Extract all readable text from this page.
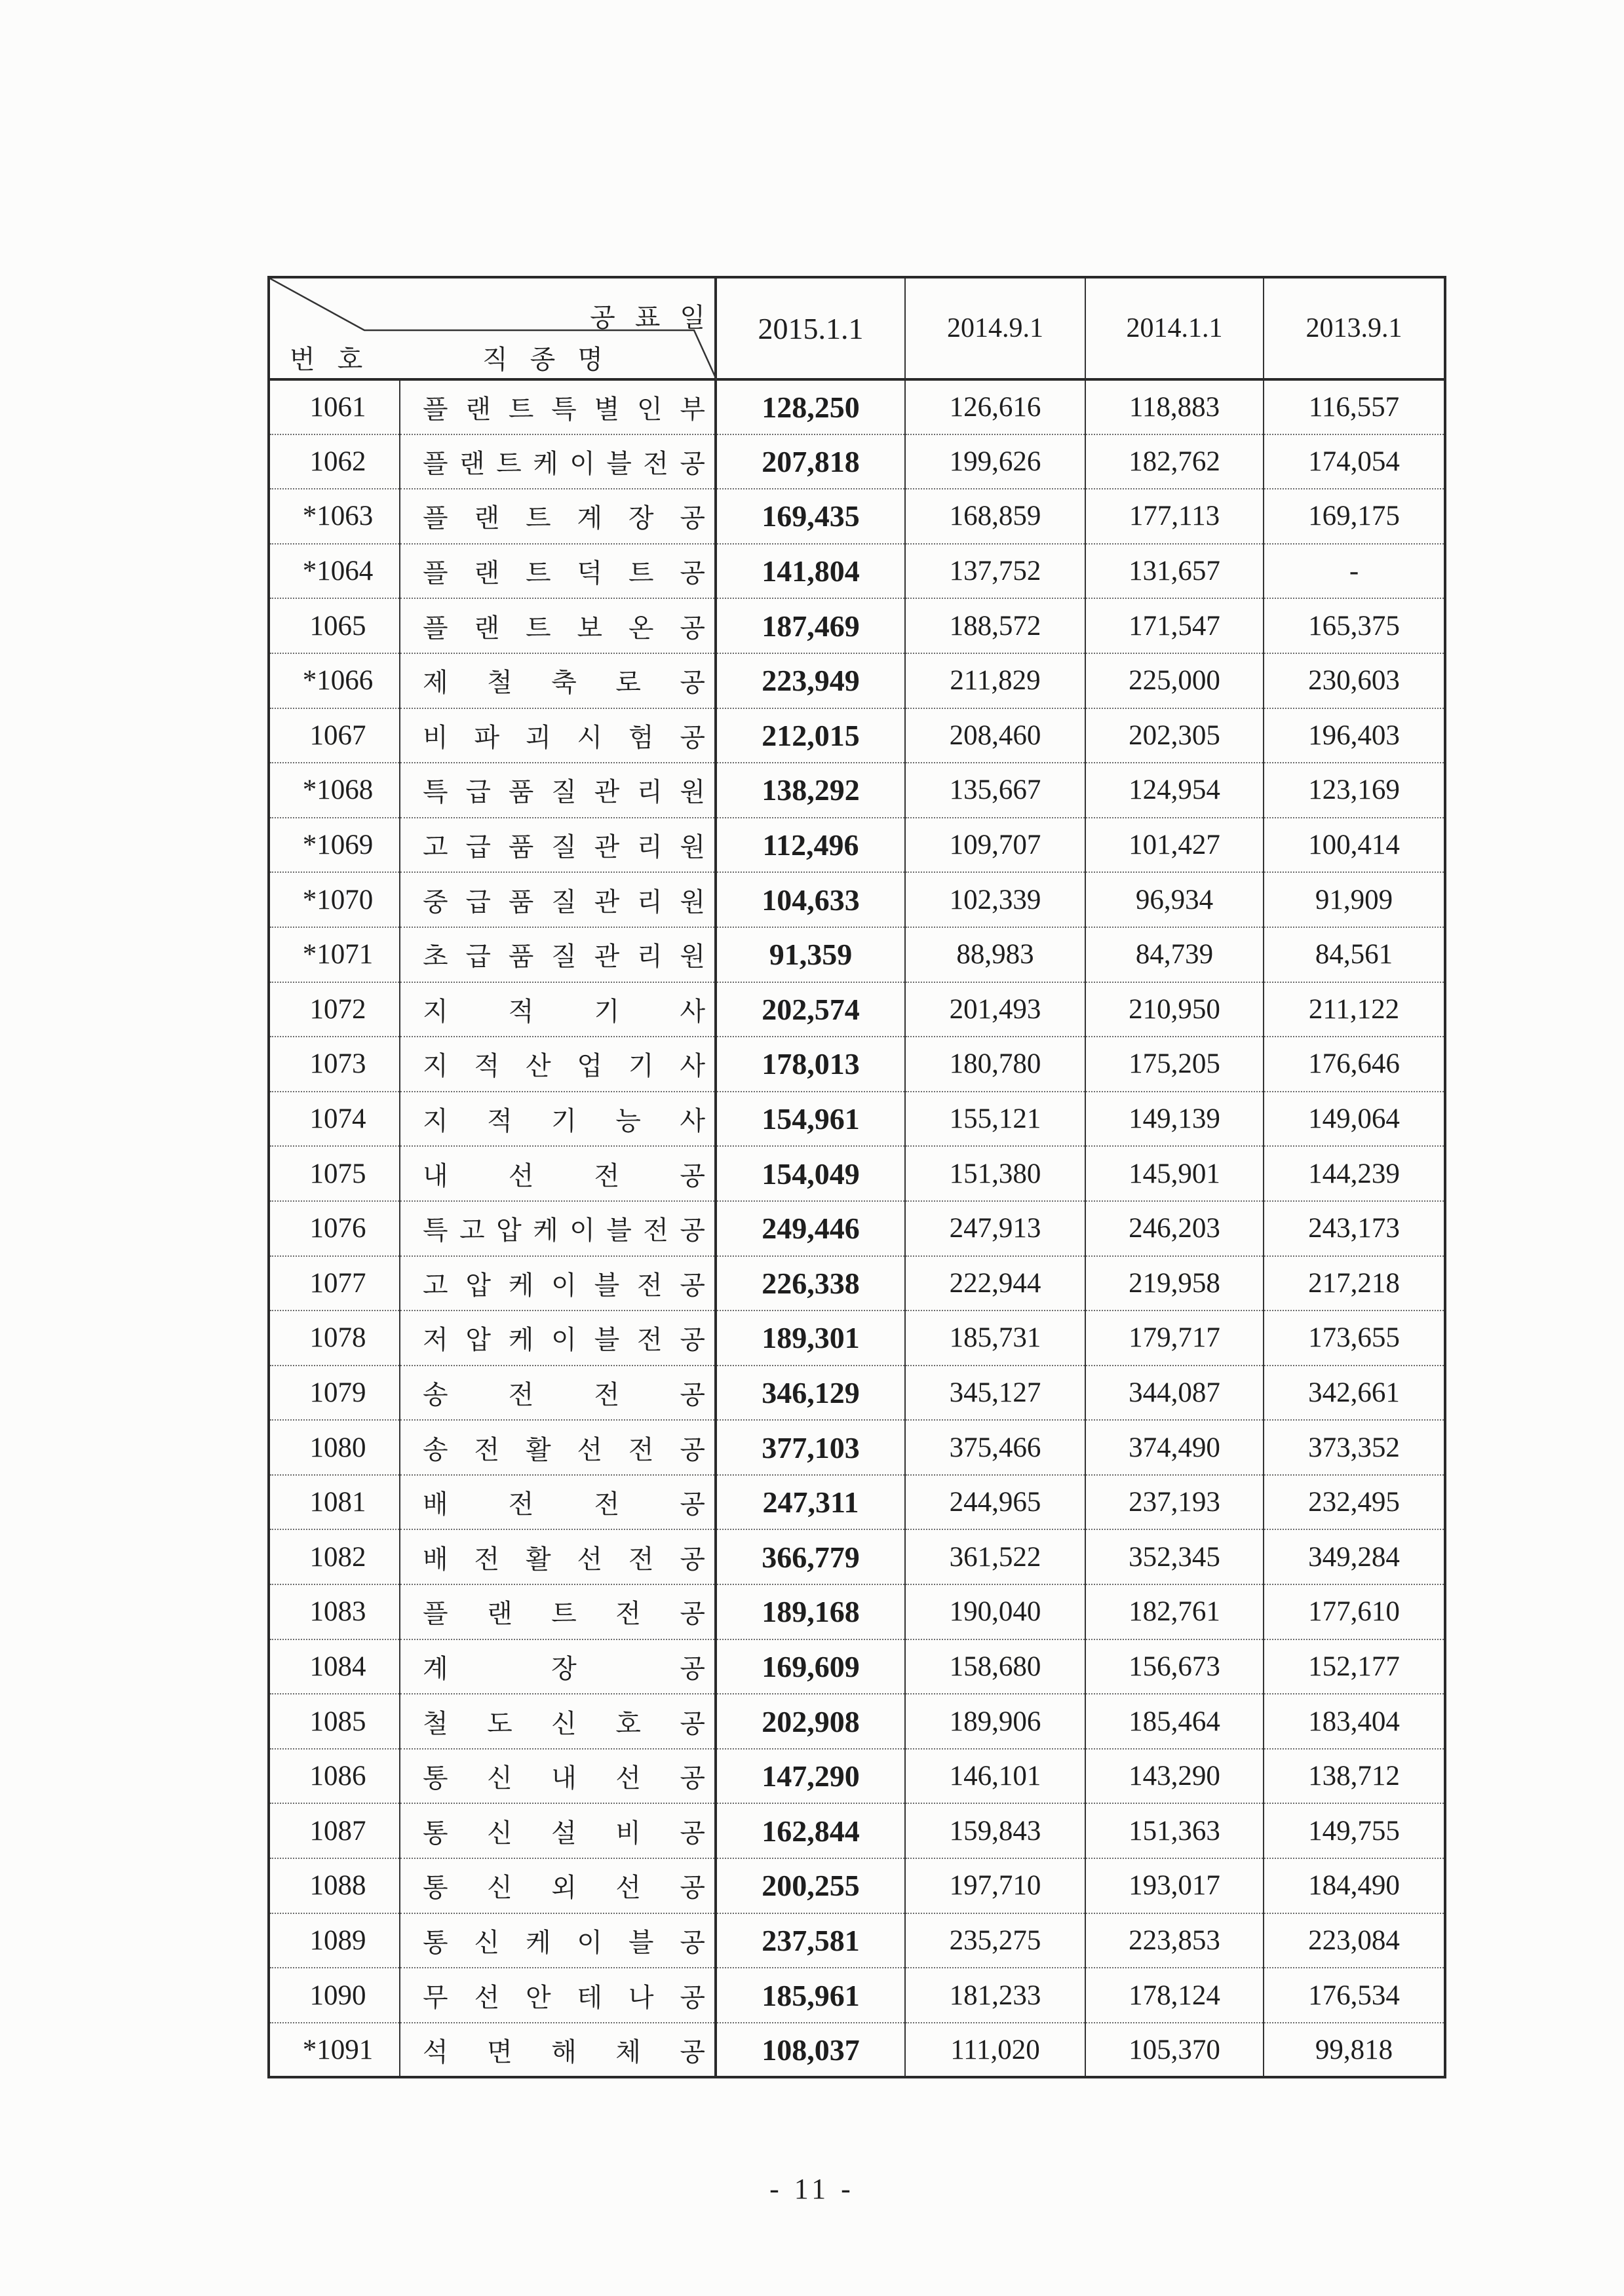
공 표 일
번 호 직 종 명		2015.1.1	2014.9.1	2014.1.1	2013.9.1
1061	플 랜 트 특 별 인 부	128,250	126,616	118,883	116,557
1062	플 랜 트 케 이 블 전 공	207,818	199,626	182,762	174,054
*1063	플 랜 트 계 장 공	169,435	168,859	177,113	169,175
*1064	플 랜 트 덕 트 공	141,804	137,752	131,657	-
1065	플 랜 트 보 온 공	187,469	188,572	171,547	165,375
*1066	제 철 축 로 공	223,949	211,829	225,000	230,603
1067	비 파 괴 시 험 공	212,015	208,460	202,305	196,403
*1068	특 급 품 질 관 리 원	138,292	135,667	124,954	123,169
*1069	고 급 품 질 관 리 원	112,496	109,707	101,427	100,414
*1070	중 급 품 질 관 리 원	104,633	102,339	96,934	91,909
*1071	초 급 품 질 관 리 원	91,359	88,983	84,739	84,561
1072	지 적 기 사	202,574	201,493	210,950	211,122
1073	지 적 산 업 기 사	178,013	180,780	175,205	176,646
1074	지 적 기 능 사	154,961	155,121	149,139	149,064
1075	내 선 전 공	154,049	151,380	145,901	144,239
1076	특 고 압 케 이 블 전 공	249,446	247,913	246,203	243,173
1077	고 압 케 이 블 전 공	226,338	222,944	219,958	217,218
1078	저 압 케 이 블 전 공	189,301	185,731	179,717	173,655
1079	송 전 전 공	346,129	345,127	344,087	342,661
1080	송 전 활 선 전 공	377,103	375,466	374,490	373,352
1081	배 전 전 공	247,311	244,965	237,193	232,495
1082	배 전 활 선 전 공	366,779	361,522	352,345	349,284
1083	플 랜 트 전 공	189,168	190,040	182,761	177,610
1084	계 장 공	169,609	158,680	156,673	152,177
1085	철 도 신 호 공	202,908	189,906	185,464	183,404
1086	통 신 내 선 공	147,290	146,101	143,290	138,712
1087	통 신 설 비 공	162,844	159,843	151,363	149,755
1088	통 신 외 선 공	200,255	197,710	193,017	184,490
1089	통 신 케 이 블 공	237,581	235,275	223,853	223,084
1090	무 선 안 테 나 공	185,961	181,233	178,124	176,534
*1091	석 면 해 체 공	108,037	111,020	105,370	99,818
- 11 -
